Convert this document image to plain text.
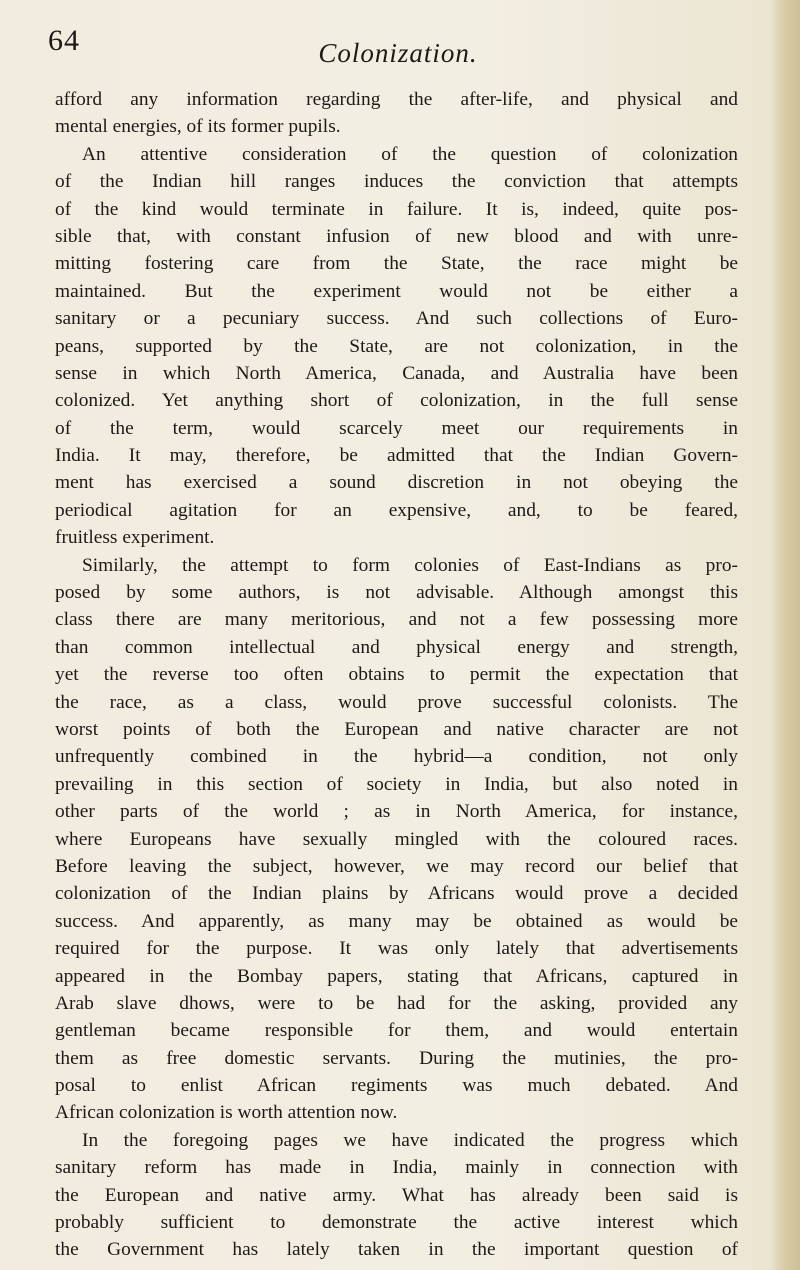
64	Colonization.
afford any information regarding the after-life, and physical and
mental energies, of its former pupils.
An attentive consideration of the question of colonization
of the Indian hill ranges induces the conviction that attempts
of the kind would terminate in failure. It is, indeed, quite pos-
sible that, with constant infusion of new blood and with unre-
mitting fostering care from the State, the race might be
maintained. But the experiment would not be either a
sanitary or a pecuniary success. And such collections of Euro-
peans, supported by the State, are not colonization, in the
sense in which North America, Canada, and Australia have been
colonized. Yet anything short of colonization, in the full sense
of the term, would scarcely meet our requirements in
India. It may, therefore, be admitted that the Indian Govern-
ment has exercised a sound discretion in not obeying the
periodical agitation for an expensive, and, to be feared,
fruitless experiment.
Similarly, the attempt to form colonies of East-Indians as pro-
posed by some authors, is not advisable. Although amongst this
class there are many meritorious, and not a few possessing more
than common intellectual and physical energy and strength,
yet the reverse too often obtains to permit the expectation that
the race, as a class, would prove successful colonists. The
worst points of both the European and native character are not
unfrequently combined in the hybrid—a condition, not only
prevailing in this section of society in India, but also noted in
other parts of the world ; as in North America, for instance,
where Europeans have sexually mingled with the coloured races.
Before leaving the subject, however, we may record our belief that
colonization of the Indian plains by Africans would prove a decided
success. And apparently, as many may be obtained as would be
required for the purpose. It was only lately that advertisements
appeared in the Bombay papers, stating that Africans, captured in
Arab slave dhows, were to be had for the asking, provided any
gentleman became responsible for them, and would entertain
them as free domestic servants. During the mutinies, the pro-
posal to enlist African regiments was much debated. And
African colonization is worth attention now.
In the foregoing pages we have indicated the progress which
sanitary reform has made in India, mainly in connection with
the European and native army. What has already been said is
probably sufficient to demonstrate the active interest which
the Government has lately taken in the important question of
